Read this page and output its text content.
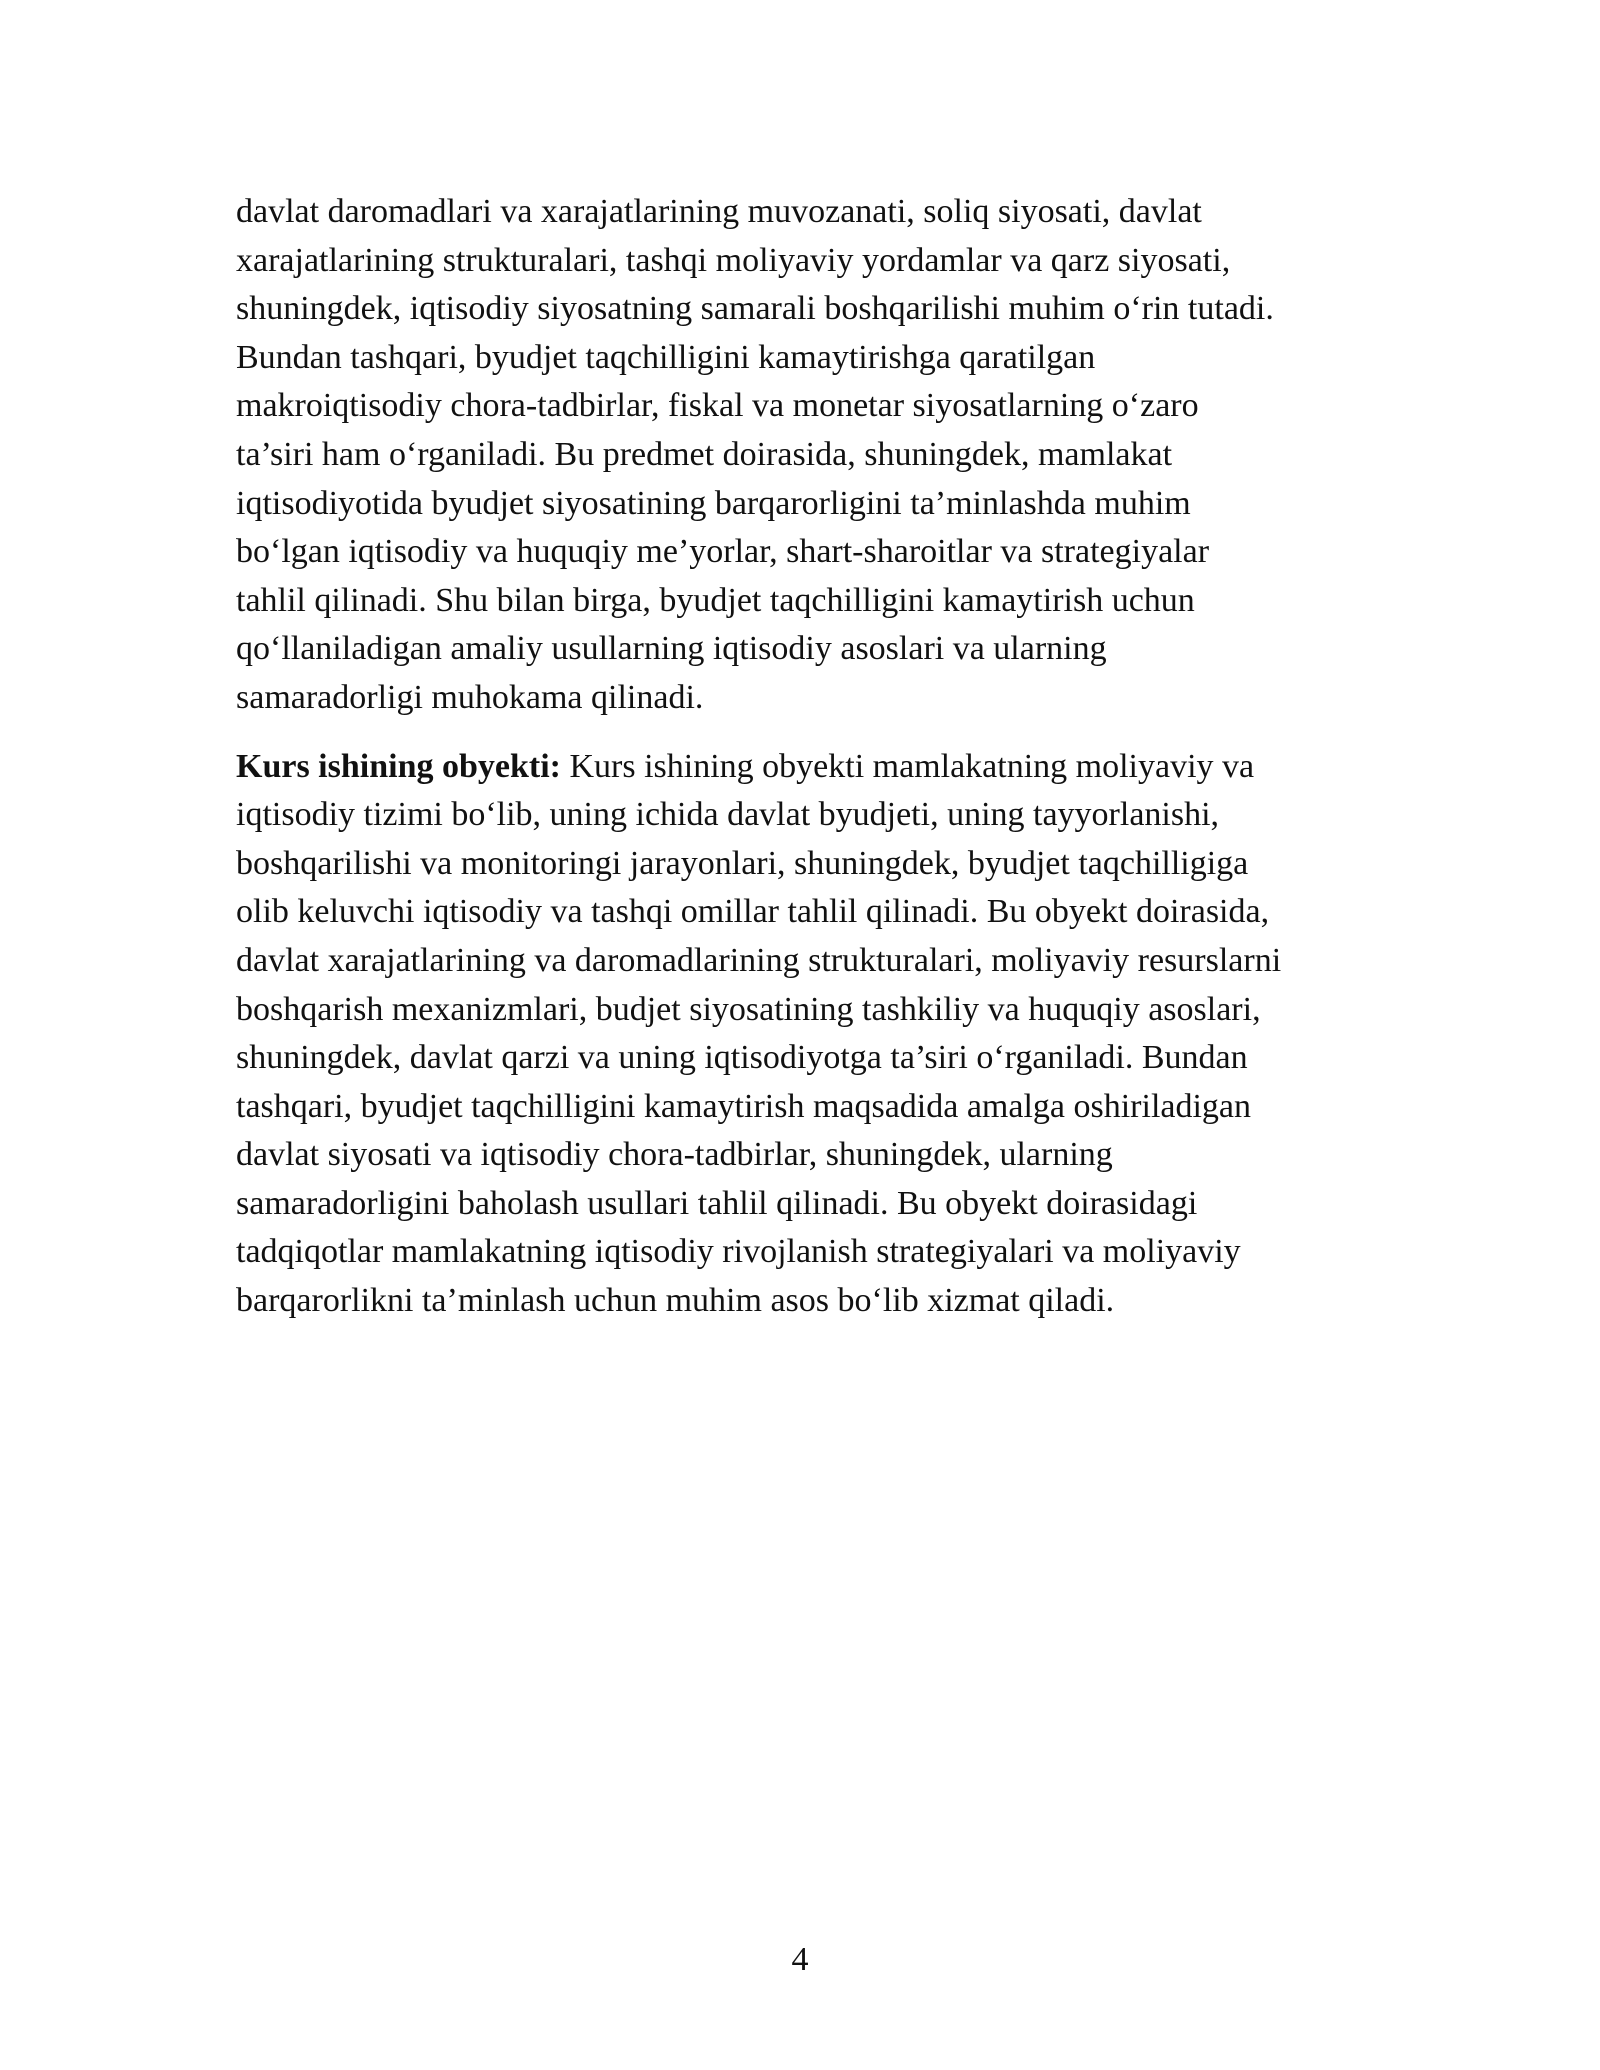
davlat daromadlari va xarajatlarining muvozanati, soliq siyosati, davlat
xarajatlarining strukturalari, tashqi moliyaviy yordamlar va qarz siyosati,
shuningdek, iqtisodiy siyosatning samarali boshqarilishi muhim o‘rin tutadi.
Bundan tashqari, byudjet taqchilligini kamaytirishga qaratilgan
makroiqtisodiy chora-tadbirlar, fiskal va monetar siyosatlarning o‘zaro
ta’siri ham o‘rganiladi. Bu predmet doirasida, shuningdek, mamlakat
iqtisodiyotida byudjet siyosatining barqarorligini ta’minlashda muhim
bo‘lgan iqtisodiy va huquqiy me’yorlar, shart-sharoitlar va strategiyalar
tahlil qilinadi. Shu bilan birga, byudjet taqchilligini kamaytirish uchun
qo‘llaniladigan amaliy usullarning iqtisodiy asoslari va ularning
samaradorligi muhokama qilinadi.

Kurs ishining obyekti: Kurs ishining obyekti mamlakatning moliyaviy va
iqtisodiy tizimi bo‘lib, uning ichida davlat byudjeti, uning tayyorlanishi,
boshqarilishi va monitoringi jarayonlari, shuningdek, byudjet taqchilligiga
olib keluvchi iqtisodiy va tashqi omillar tahlil qilinadi. Bu obyekt doirasida,
davlat xarajatlarining va daromadlarining strukturalari, moliyaviy resurslarni
boshqarish mexanizmlari, budjet siyosatining tashkiliy va huquqiy asoslari,
shuningdek, davlat qarzi va uning iqtisodiyotga ta’siri o‘rganiladi. Bundan
tashqari, byudjet taqchilligini kamaytirish maqsadida amalga oshiriladigan
davlat siyosati va iqtisodiy chora-tadbirlar, shuningdek, ularning
samaradorligini baholash usullari tahlil qilinadi. Bu obyekt doirasidagi
tadqiqotlar mamlakatning iqtisodiy rivojlanish strategiyalari va moliyaviy
barqarorlikni ta’minlash uchun muhim asos bo‘lib xizmat qiladi.

4
